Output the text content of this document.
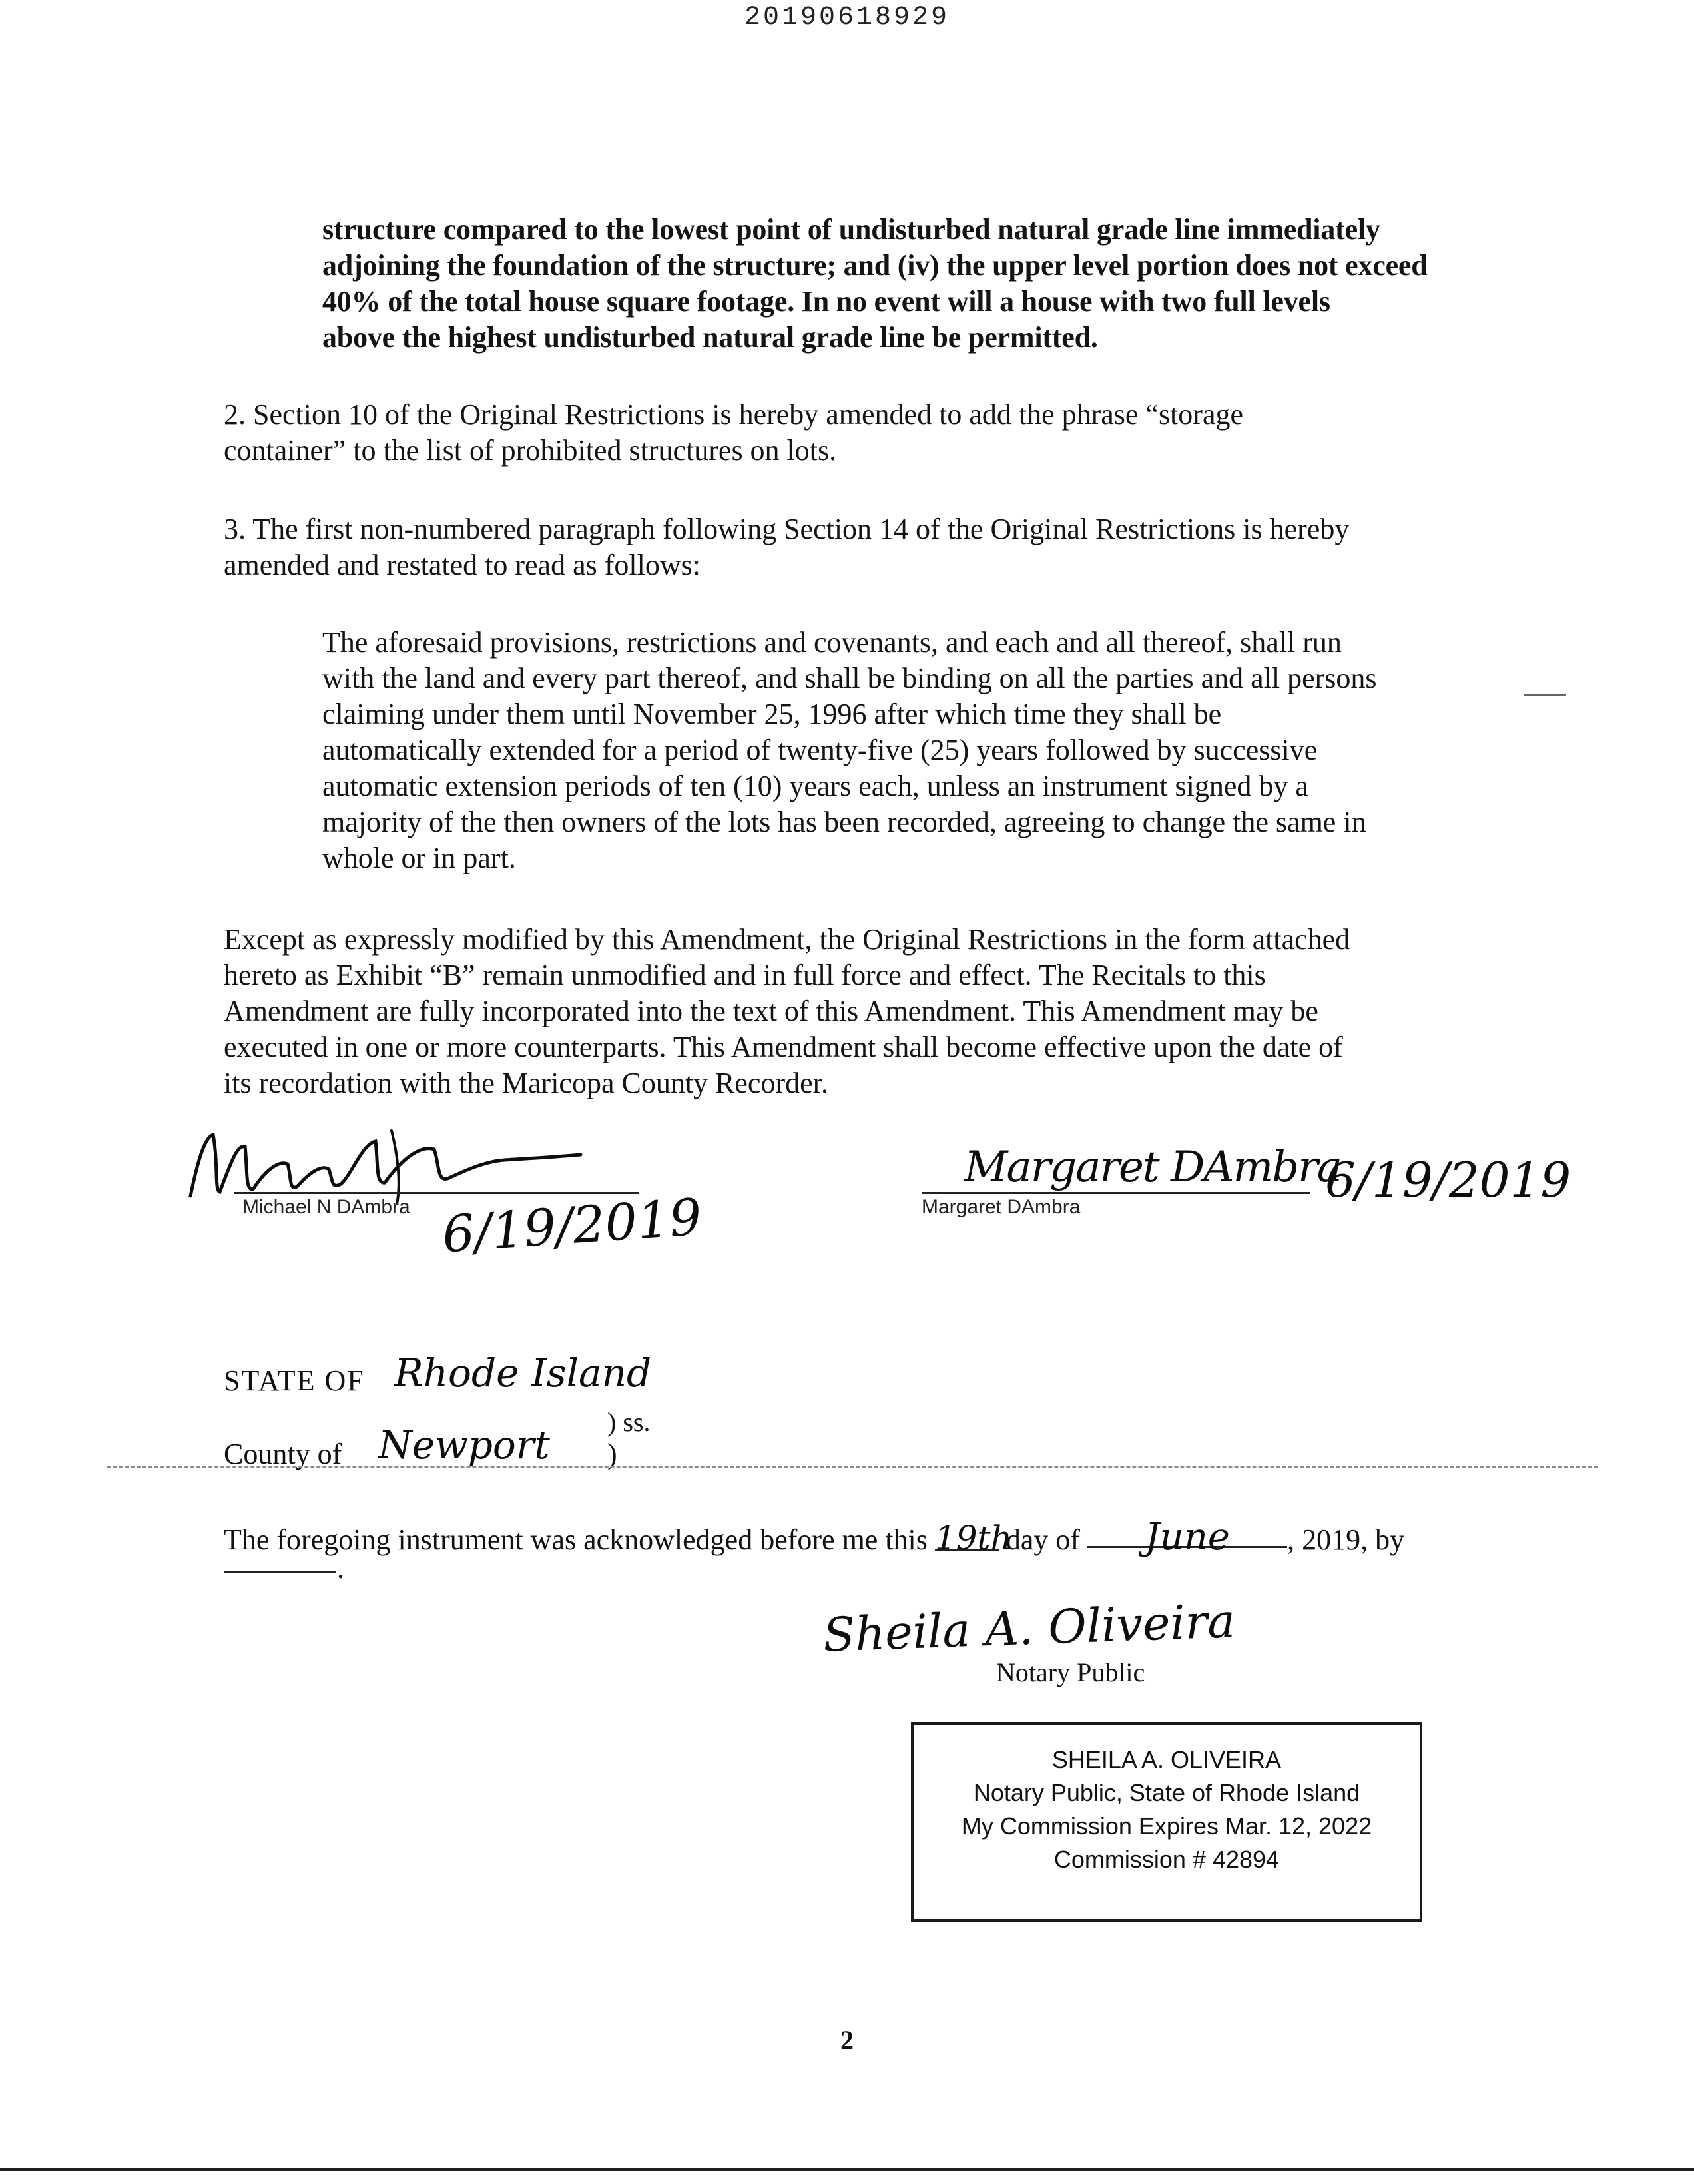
20190618929

structure compared to the lowest point of undisturbed natural grade line immediately
adjoining the foundation of the structure; and (iv) the upper level portion does not exceed
40% of the total house square footage. In no event will a house with two full levels
above the highest undisturbed natural grade line be permitted.

2. Section 10 of the Original Restrictions is hereby amended to add the phrase “storage
container” to the list of prohibited structures on lots.

3. The first non-numbered paragraph following Section 14 of the Original Restrictions is hereby
amended and restated to read as follows:

The aforesaid provisions, restrictions and covenants, and each and all thereof, shall run
with the land and every part thereof, and shall be binding on all the parties and all persons
claiming under them until November 25, 1996 after which time they shall be
automatically extended for a period of twenty-five (25) years followed by successive
automatic extension periods of ten (10) years each, unless an instrument signed by a
majority of the then owners of the lots has been recorded, agreeing to change the same in
whole or in part.

Except as expressly modified by this Amendment, the Original Restrictions in the form attached
hereto as Exhibit “B” remain unmodified and in full force and effect. The Recitals to this
Amendment are fully incorporated into the text of this Amendment. This Amendment may be
executed in one or more counterparts. This Amendment shall become effective upon the date of
its recordation with the Maricopa County Recorder.

Michael N DAmbra 6/19/2019
Margaret DAmbra
Margaret DAmbra	6/19/2019
STATE OF Rhode Island
) ss.
County of Newport )
The foregoing instrument was acknowledged before me this 19th day of June , 2019, by
.
Sheila A. Oliveira
Notary Public
SHEILA A. OLIVEIRA
Notary Public, State of Rhode Island
My Commission Expires Mar. 12, 2022
Commission # 42894
2
